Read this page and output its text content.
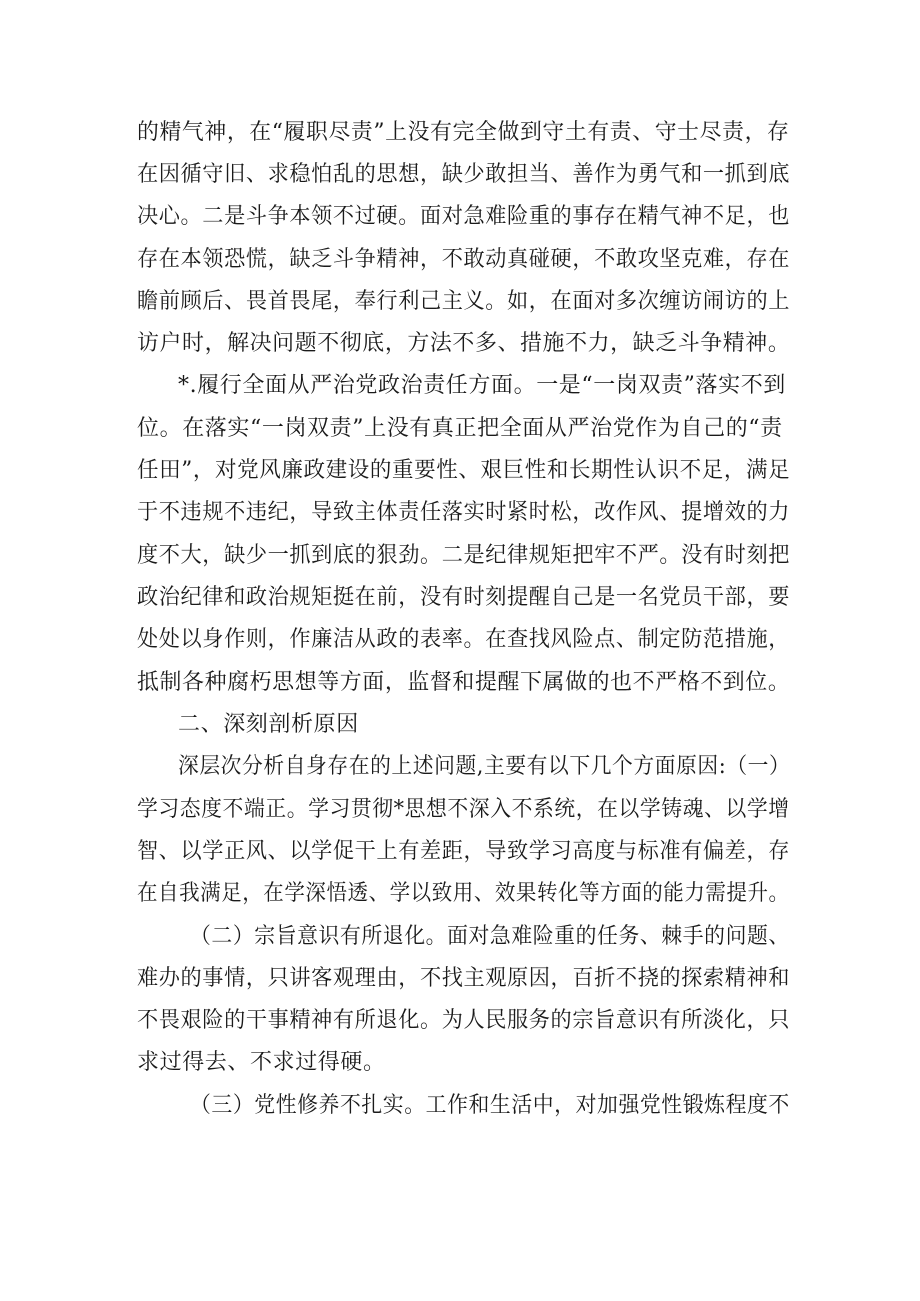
的精气神，在“履职尽责”上没有完全做到守土有责、守士尽责，存
在因循守旧、求稳怕乱的思想，缺少敢担当、善作为勇气和一抓到底
决心。二是斗争本领不过硬。面对急难险重的事存在精气神不足，也
存在本领恐慌，缺乏斗争精神，不敢动真碰硬，不敢攻坚克难，存在
瞻前顾后、畏首畏尾，奉行利己主义。如，在面对多次缠访闹访的上
访户时，解决问题不彻底，方法不多、措施不力，缺乏斗争精神。
*.履行全面从严治党政治责任方面。一是“一岗双责”落实不到
位。在落实“一岗双责”上没有真正把全面从严治党作为自己的“责
任田”，对党风廉政建设的重要性、艰巨性和长期性认识不足，满足
于不违规不违纪，导致主体责任落实时紧时松，改作风、提增效的力
度不大，缺少一抓到底的狠劲。二是纪律规矩把牢不严。没有时刻把
政治纪律和政治规矩挺在前，没有时刻提醒自己是一名党员干部，要
处处以身作则，作廉洁从政的表率。在查找风险点、制定防范措施，
抵制各种腐朽思想等方面，监督和提醒下属做的也不严格不到位。
二、深刻剖析原因
深层次分析自身存在的上述问题,主要有以下几个方面原因:（一）
学习态度不端正。学习贯彻*思想不深入不系统，在以学铸魂、以学增
智、以学正风、以学促干上有差距，导致学习高度与标准有偏差，存
在自我满足，在学深悟透、学以致用、效果转化等方面的能力需提升。
（二）宗旨意识有所退化。面对急难险重的任务、棘手的问题、
难办的事情，只讲客观理由，不找主观原因，百折不挠的探索精神和
不畏艰险的干事精神有所退化。为人民服务的宗旨意识有所淡化，只
求过得去、不求过得硬。
（三）党性修养不扎实。工作和生活中，对加强党性锻炼程度不
